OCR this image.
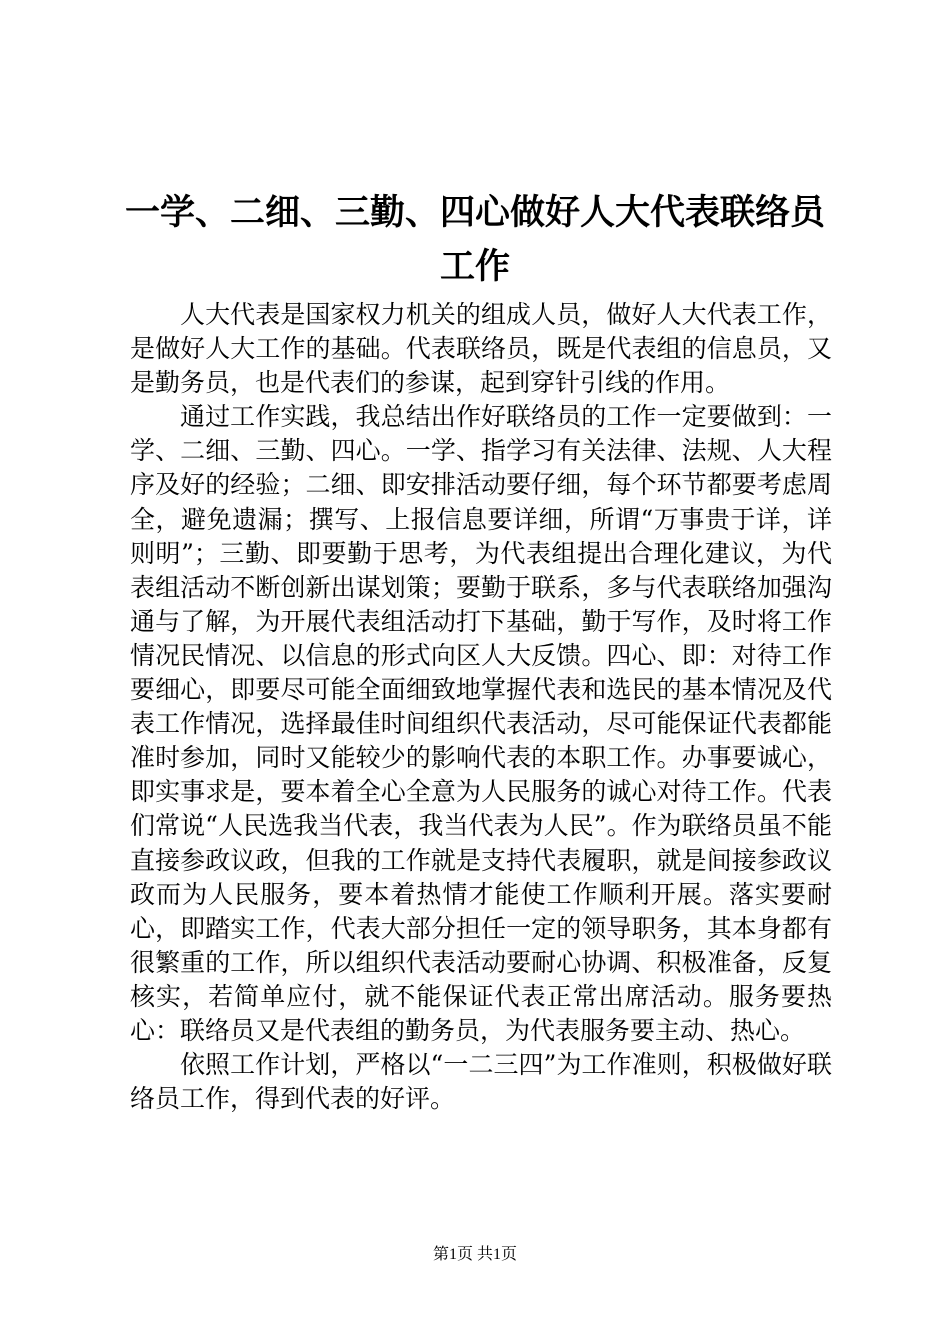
一学、二细、三勤、四心做好人大代表联络员
工作

人大代表是国家权力机关的组成人员，做好人大代表工作，是做好人大工作的基础。代表联络员，既是代表组的信息员，又是勤务员，也是代表们的参谋，起到穿针引线的作用。

通过工作实践，我总结出作好联络员的工作一定要做到：一学、二细、三勤、四心。一学、指学习有关法律、法规、人大程序及好的经验；二细、即安排活动要仔细，每个环节都要考虑周全，避免遗漏；撰写、上报信息要详细，所谓“万事贵于详，详则明”；三勤、即要勤于思考，为代表组提出合理化建议，为代表组活动不断创新出谋划策；要勤于联系，多与代表联络加强沟通与了解，为开展代表组活动打下基础，勤于写作，及时将工作情况民情况、以信息的形式向区人大反馈。四心、即：对待工作要细心，即要尽可能全面细致地掌握代表和选民的基本情况及代表工作情况，选择最佳时间组织代表活动，尽可能保证代表都能准时参加，同时又能较少的影响代表的本职工作。办事要诚心，即实事求是，要本着全心全意为人民服务的诚心对待工作。代表们常说“人民选我当代表，我当代表为人民”。作为联络员虽不能直接参政议政，但我的工作就是支持代表履职，就是间接参政议政而为人民服务，要本着热情才能使工作顺利开展。落实要耐心，即踏实工作，代表大部分担任一定的领导职务，其本身都有很繁重的工作，所以组织代表活动要耐心协调、积极准备，反复核实，若简单应付，就不能保证代表正常出席活动。服务要热心：联络员又是代表组的勤务员，为代表服务要主动、热心。

依照工作计划，严格以“一二三四”为工作准则，积极做好联络员工作，得到代表的好评。

第1页 共1页
